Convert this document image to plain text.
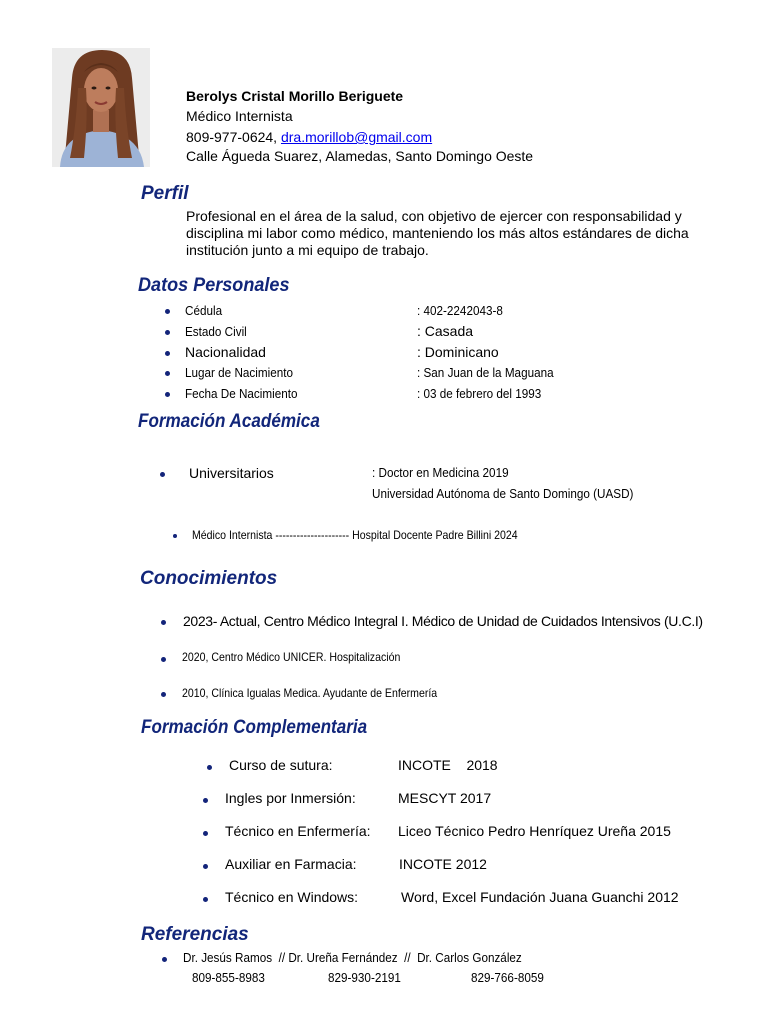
Berolys Cristal Morillo Beriguete
Médico Internista
809-977-0624, dra.morillob@gmail.com
Calle Águeda Suarez, Alamedas, Santo Domingo Oeste
Perfil
Profesional en el área de la salud, con objetivo de ejercer con responsabilidad y disciplina mi labor como médico, manteniendo los más altos estándares de dicha institución junto a mi equipo de trabajo.
Datos Personales
Cédula	: 402-2242043-8
Estado Civil	: Casada
Nacionalidad	: Dominicano
Lugar de Nacimiento	: San Juan de la Maguana
Fecha De Nacimiento	: 03 de febrero del 1993
Formación Académica
Universitarios	: Doctor en Medicina 2019
Universidad Autónoma de Santo Domingo (UASD)
Médico Internista --------------------- Hospital Docente Padre Billini 2024
Conocimientos
2023- Actual, Centro Médico Integral I. Médico de Unidad de Cuidados Intensivos (U.C.I)
2020, Centro Médico UNICER. Hospitalización
2010, Clínica Igualas Medica. Ayudante de Enfermería
Formación Complementaria
Curso de sutura:	INCOTE    2018
Ingles por Inmersión:	MESCYT 2017
Técnico en Enfermería: Liceo Técnico Pedro Henríquez Ureña 2015
Auxiliar en Farmacia:	INCOTE 2012
Técnico en Windows:	Word, Excel Fundación Juana Guanchi 2012
Referencias
Dr. Jesús Ramos  // Dr. Ureña Fernández  //  Dr. Carlos González
809-855-8983	829-930-2191	829-766-8059
